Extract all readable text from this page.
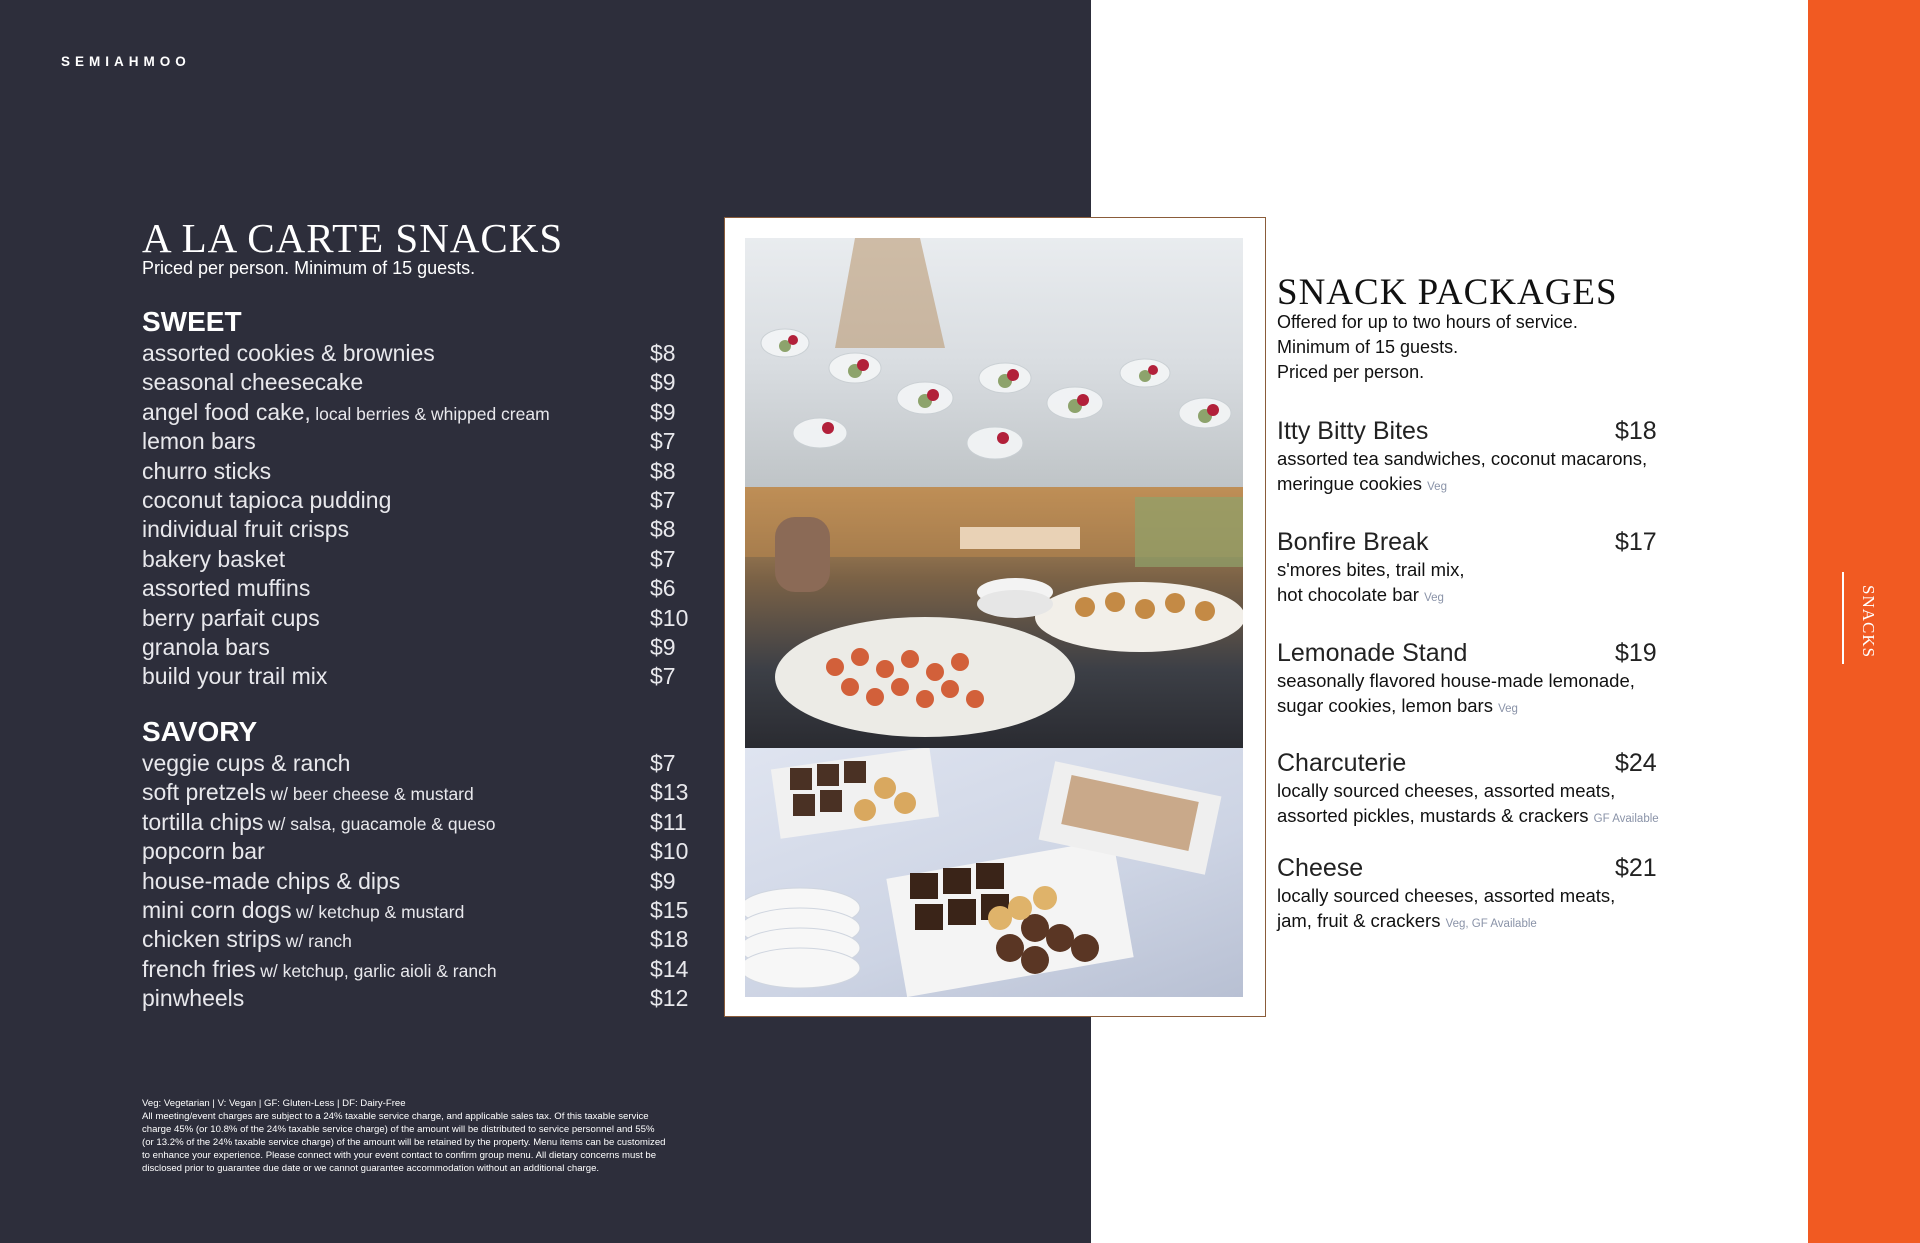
SNACKS
SEMIAHMOO
A LA CARTE SNACKS
Priced per person. Minimum of 15 guests.
SWEET
assorted cookies & brownies	$8
seasonal cheesecake	$9
angel food cake, local berries & whipped cream	$9
lemon bars	$7
churro sticks	$8
coconut tapioca pudding	$7
individual fruit crisps	$8
bakery basket	$7
assorted muffins	$6
berry parfait cups	$10
granola bars	$9
build your trail mix	$7
SAVORY
veggie cups & ranch	$7
soft pretzels w/ beer cheese & mustard	$13
tortilla chips w/ salsa, guacamole & queso	$11
popcorn bar	$10
house-made chips & dips	$9
mini corn dogs w/ ketchup & mustard	$15
chicken strips w/ ranch	$18
french fries w/ ketchup, garlic aioli & ranch	$14
pinwheels	$12

Veg: Vegetarian | V: Vegan | GF: Gluten-Less | DF: Dairy-Free

All meeting/event charges are subject to a 24% taxable service charge, and applicable sales tax. Of this taxable service

charge 45% (or 10.8% of the 24% taxable service charge) of the amount will be distributed to service personnel and 55%

(or 13.2% of the 24% taxable service charge) of the amount will be retained by the property. Menu items can be customized

to enhance your experience. Please connect with your event contact to confirm group menu. All dietary concerns must be

disclosed prior to guarantee due date or we cannot guarantee accommodation without an additional charge.

SNACK PACKAGES
Offered for up to two hours of service.
Minimum of 15 guests.
Priced per person.
Itty Bitty Bites	$18
assorted tea sandwiches, coconut macarons,
meringue cookies Veg
Bonfire Break	$17
s'mores bites, trail mix,
hot chocolate bar Veg
Lemonade Stand	$19
seasonally flavored house-made lemonade,
sugar cookies, lemon bars Veg
Charcuterie	$24
locally sourced cheeses, assorted meats,
assorted pickles, mustards & crackers GF Available
Cheese	$21
locally sourced cheeses, assorted meats,
jam, fruit & crackers Veg, GF Available
